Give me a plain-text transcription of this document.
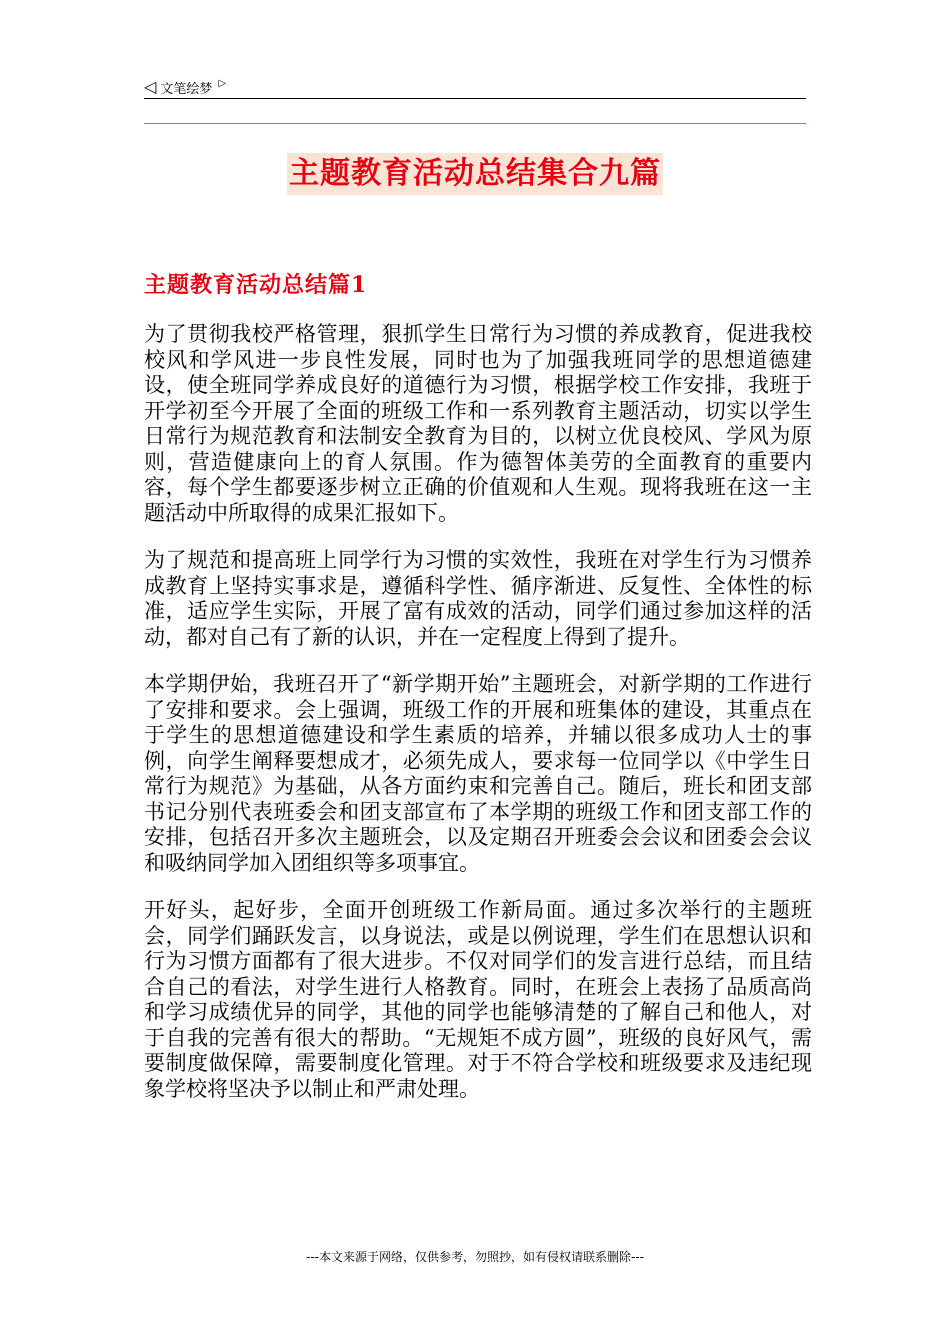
◁ 文笔绘梦 ▷
主题教育活动总结集合九篇
主题教育活动总结篇1

为了贯彻我校严格管理，狠抓学生日常行为习惯的养成教育，促进我校校风和学风进一步良性发展，同时也为了加强我班同学的思想道德建设，使全班同学养成良好的道德行为习惯，根据学校工作安排，我班于开学初至今开展了全面的班级工作和一系列教育主题活动，切实以学生日常行为规范教育和法制安全教育为目的，以树立优良校风、学风为原则，营造健康向上的育人氛围。作为德智体美劳的全面教育的重要内容，每个学生都要逐步树立正确的价值观和人生观。现将我班在这一主题活动中所取得的成果汇报如下。

为了规范和提高班上同学行为习惯的实效性，我班在对学生行为习惯养成教育上坚持实事求是，遵循科学性、循序渐进、反复性、全体性的标准，适应学生实际，开展了富有成效的活动，同学们通过参加这样的活动，都对自己有了新的认识，并在一定程度上得到了提升。

本学期伊始，我班召开了“新学期开始”主题班会，对新学期的工作进行了安排和要求。会上强调，班级工作的开展和班集体的建设，其重点在于学生的思想道德建设和学生素质的培养，并辅以很多成功人士的事例，向学生阐释要想成才，必须先成人，要求每一位同学以《中学生日常行为规范》为基础，从各方面约束和完善自己。随后，班长和团支部书记分别代表班委会和团支部宣布了本学期的班级工作和团支部工作的安排，包括召开多次主题班会，以及定期召开班委会会议和团委会会议和吸纳同学加入团组织等多项事宜。

开好头，起好步，全面开创班级工作新局面。通过多次举行的主题班会，同学们踊跃发言，以身说法，或是以例说理，学生们在思想认识和行为习惯方面都有了很大进步。不仅对同学们的发言进行总结，而且结合自己的看法，对学生进行人格教育。同时，在班会上表扬了品质高尚和学习成绩优异的同学，其他的同学也能够清楚的了解自己和他人，对于自我的完善有很大的帮助。“无规矩不成方圆”，班级的良好风气，需要制度做保障，需要制度化管理。对于不符合学校和班级要求及违纪现象学校将坚决予以制止和严肃处理。

---本文来源于网络，仅供参考，勿照抄，如有侵权请联系删除---
